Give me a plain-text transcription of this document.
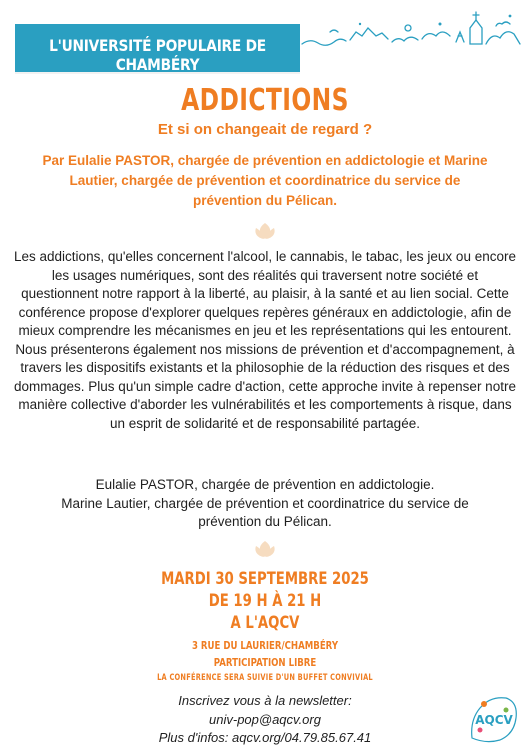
L'UNIVERSITÉ POPULAIRE DE CHAMBÉRY
ADDICTIONS
Et si on changeait de regard ?
Par Eulalie PASTOR, chargée de prévention en addictologie et Marine
Lautier, chargée de prévention et coordinatrice du service de
prévention du Pélican.

Les addictions, qu'elles concernent l'alcool, le cannabis, le tabac, les jeux ou encore les usages numériques, sont des réalités qui traversent notre société et questionnent notre rapport à la liberté, au plaisir, à la santé et au lien social. Cette conférence propose d'explorer quelques repères généraux en addictologie, afin de mieux comprendre les mécanismes en jeu et les représentations qui les entourent.

Nous présenterons également nos missions de prévention et d'accompagnement, à travers les dispositifs existants et la philosophie de la réduction des risques et des dommages. Plus qu'un simple cadre d'action, cette approche invite à repenser notre manière collective d'aborder les vulnérabilités et les comportements à risque, dans un esprit de solidarité et de responsabilité partagée.

Eulalie PASTOR, chargée de prévention en addictologie.

Marine Lautier, chargée de prévention et coordinatrice du service de

prévention du Pélican.

MARDI 30 SEPTEMBRE 2025
DE 19 H À 21 H
A L'AQCV
3 RUE DU LAURIER/CHAMBÉRY
PARTICIPATION LIBRE
LA CONFÉRENCE SERA SUIVIE D'UN BUFFET CONVIVIAL

Inscrivez vous à la newsletter:

univ-pop@aqcv.org

Plus d'infos: aqcv.org/04.79.85.67.41

AQCV
